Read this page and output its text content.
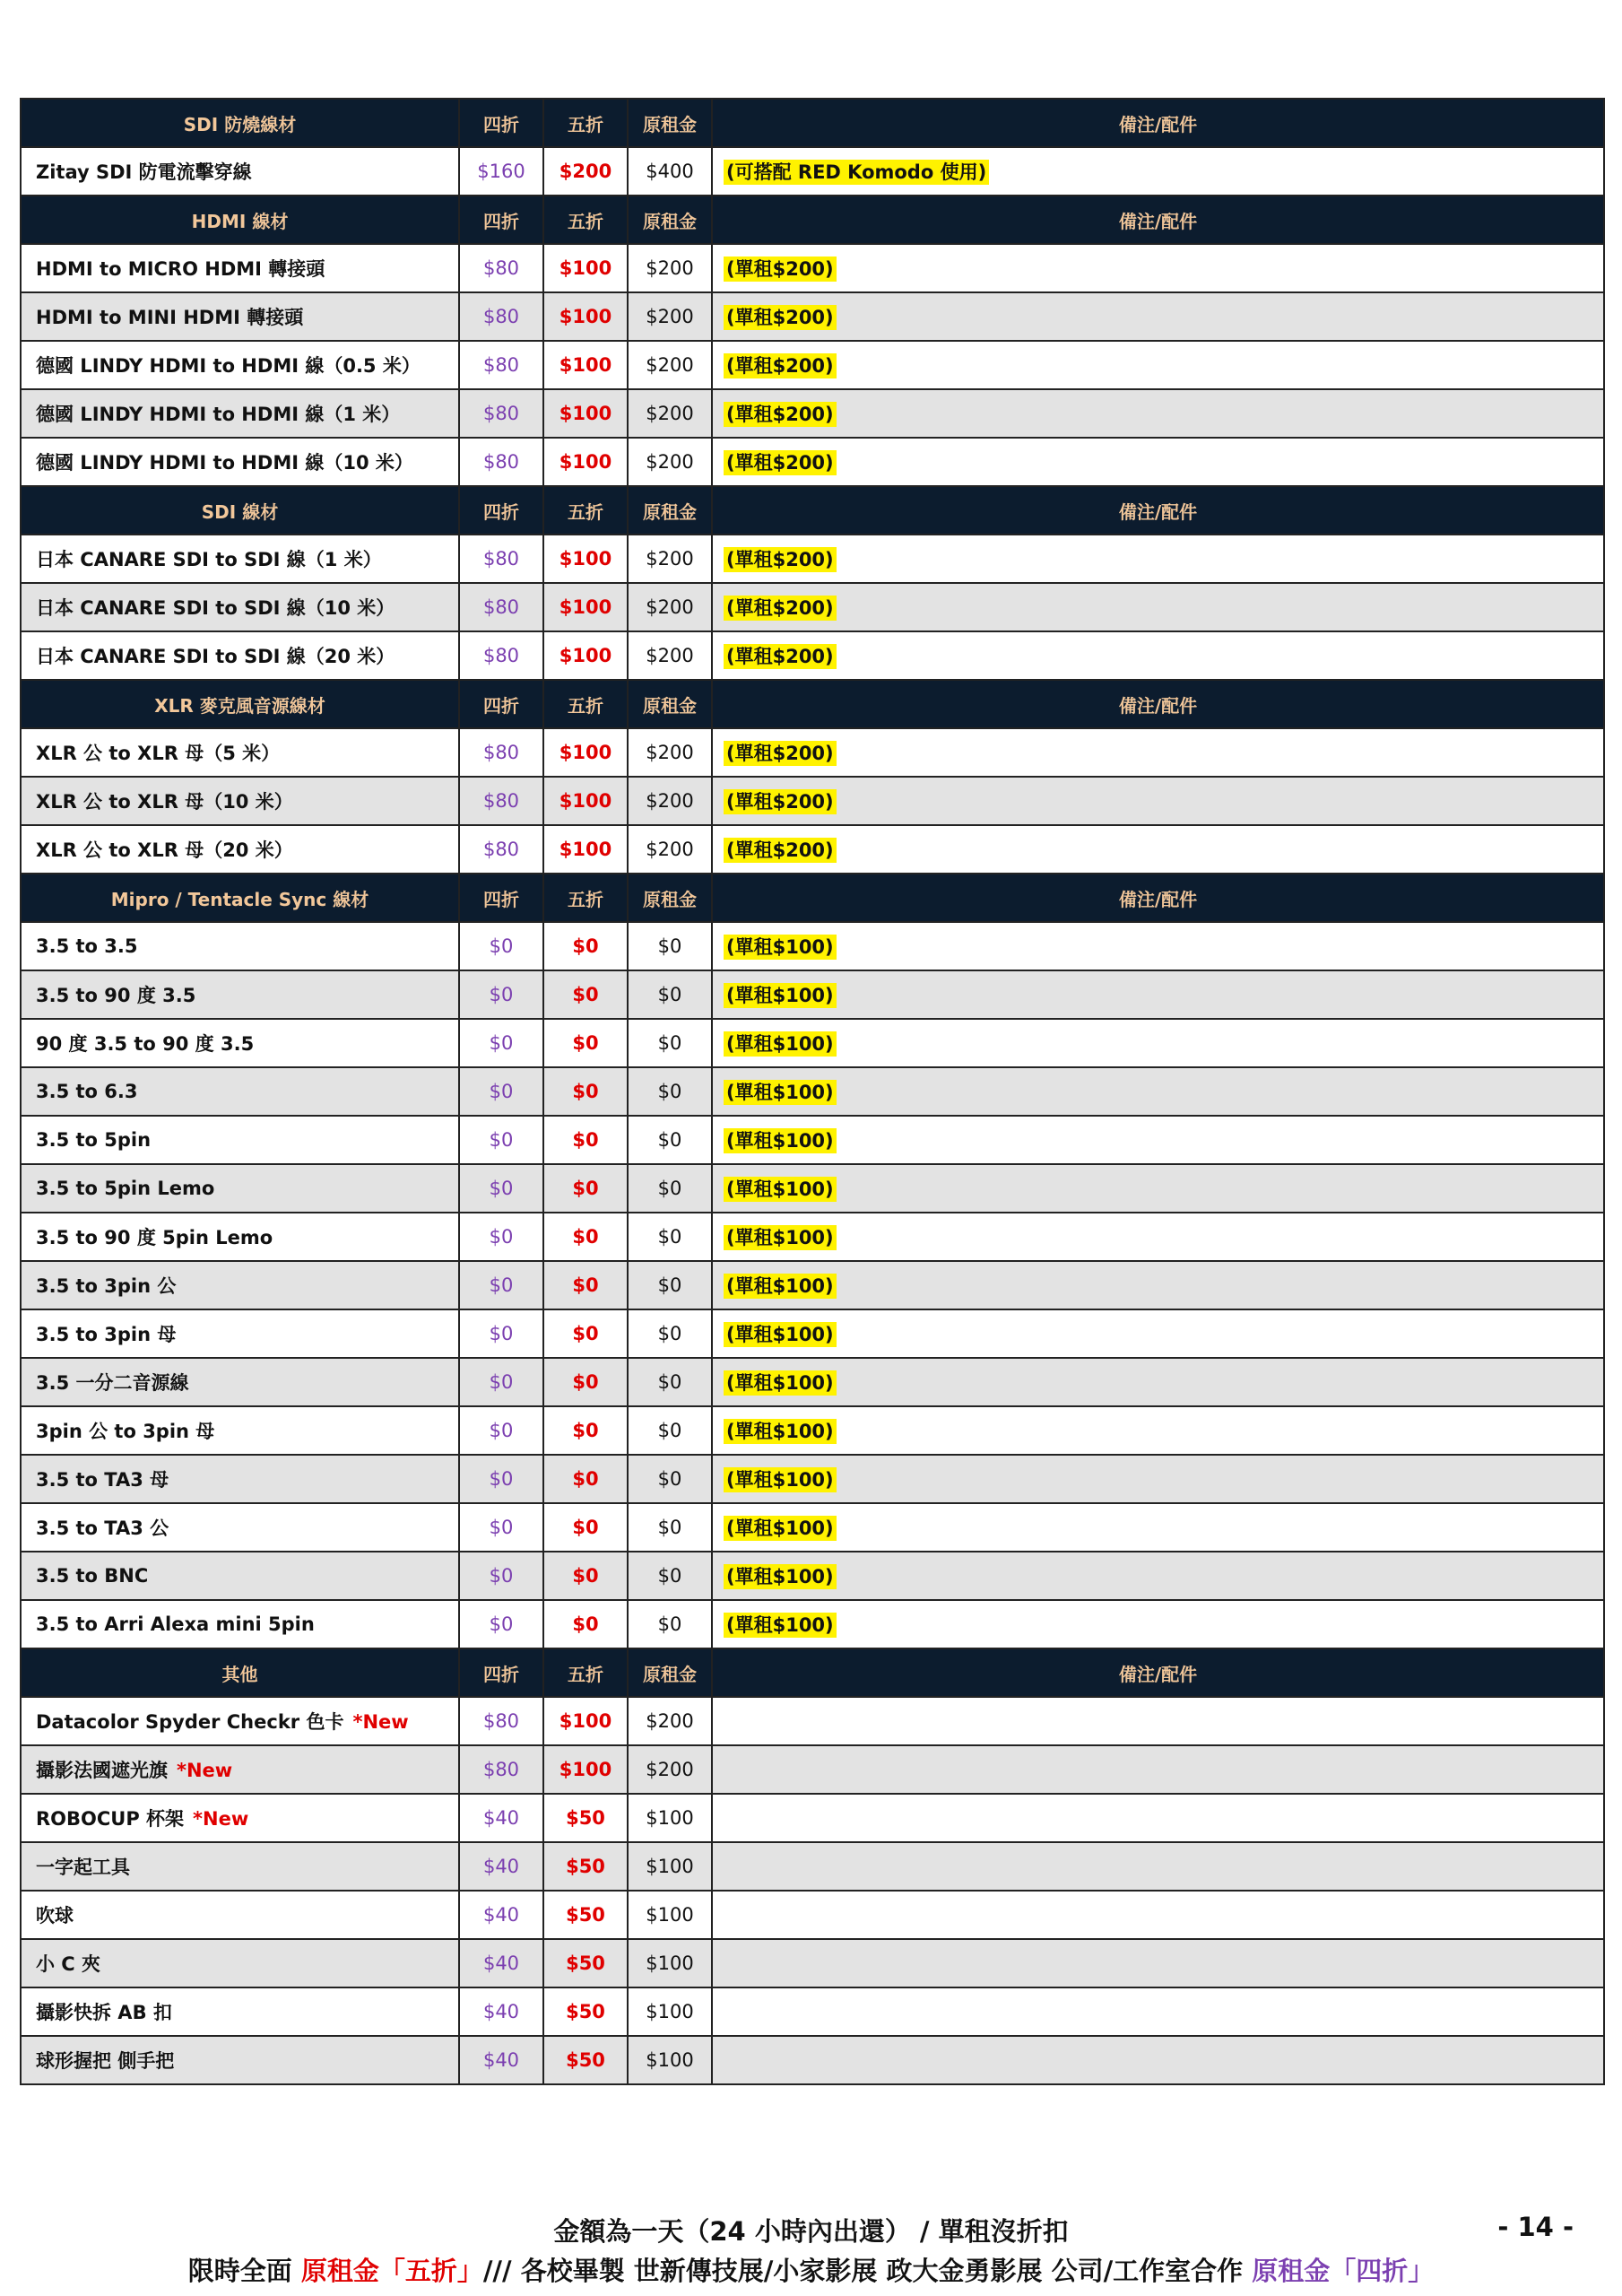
SDI 防燒線材	四折	五折	原租金	備注/配件
Zitay SDI 防電流擊穿線	$160	$200	$400	(可搭配 RED Komodo 使用)
HDMI 線材	四折	五折	原租金	備注/配件
HDMI to MICRO HDMI 轉接頭	$80	$100	$200	(單租$200)
HDMI to MINI HDMI 轉接頭	$80	$100	$200	(單租$200)
德國 LINDY HDMI to HDMI 線（0.5 米）	$80	$100	$200	(單租$200)
德國 LINDY HDMI to HDMI 線（1 米）	$80	$100	$200	(單租$200)
德國 LINDY HDMI to HDMI 線（10 米）	$80	$100	$200	(單租$200)
SDI 線材	四折	五折	原租金	備注/配件
日本 CANARE SDI to SDI 線（1 米）	$80	$100	$200	(單租$200)
日本 CANARE SDI to SDI 線（10 米）	$80	$100	$200	(單租$200)
日本 CANARE SDI to SDI 線（20 米）	$80	$100	$200	(單租$200)
XLR 麥克風音源線材	四折	五折	原租金	備注/配件
XLR 公 to XLR 母（5 米）	$80	$100	$200	(單租$200)
XLR 公 to XLR 母（10 米）	$80	$100	$200	(單租$200)
XLR 公 to XLR 母（20 米）	$80	$100	$200	(單租$200)
Mipro / Tentacle Sync 線材	四折	五折	原租金	備注/配件
3.5 to 3.5	$0	$0	$0	(單租$100)
3.5 to 90 度 3.5	$0	$0	$0	(單租$100)
90 度 3.5 to 90 度 3.5	$0	$0	$0	(單租$100)
3.5 to 6.3	$0	$0	$0	(單租$100)
3.5 to 5pin	$0	$0	$0	(單租$100)
3.5 to 5pin Lemo	$0	$0	$0	(單租$100)
3.5 to 90 度 5pin Lemo	$0	$0	$0	(單租$100)
3.5 to 3pin 公	$0	$0	$0	(單租$100)
3.5 to 3pin 母	$0	$0	$0	(單租$100)
3.5 一分二音源線	$0	$0	$0	(單租$100)
3pin 公 to 3pin 母	$0	$0	$0	(單租$100)
3.5 to TA3 母	$0	$0	$0	(單租$100)
3.5 to TA3 公	$0	$0	$0	(單租$100)
3.5 to BNC	$0	$0	$0	(單租$100)
3.5 to Arri Alexa mini 5pin	$0	$0	$0	(單租$100)
其他	四折	五折	原租金	備注/配件
Datacolor Spyder Checkr 色卡 *New	$80	$100	$200	
攝影法國遮光旗 *New	$80	$100	$200	
ROBOCUP 杯架 *New	$40	$50	$100	
一字起工具	$40	$50	$100	
吹球	$40	$50	$100	
小 C 夾	$40	$50	$100	
攝影快拆 AB 扣	$40	$50	$100	
球形握把 側手把	$40	$50	$100	
金額為一天（24 小時內出還） / 單租沒折扣	- 14 -
限時全面 原租金「五折」/// 各校畢製 世新傳技展/小家影展 政大金勇影展 公司/工作室合作 原租金「四折」
